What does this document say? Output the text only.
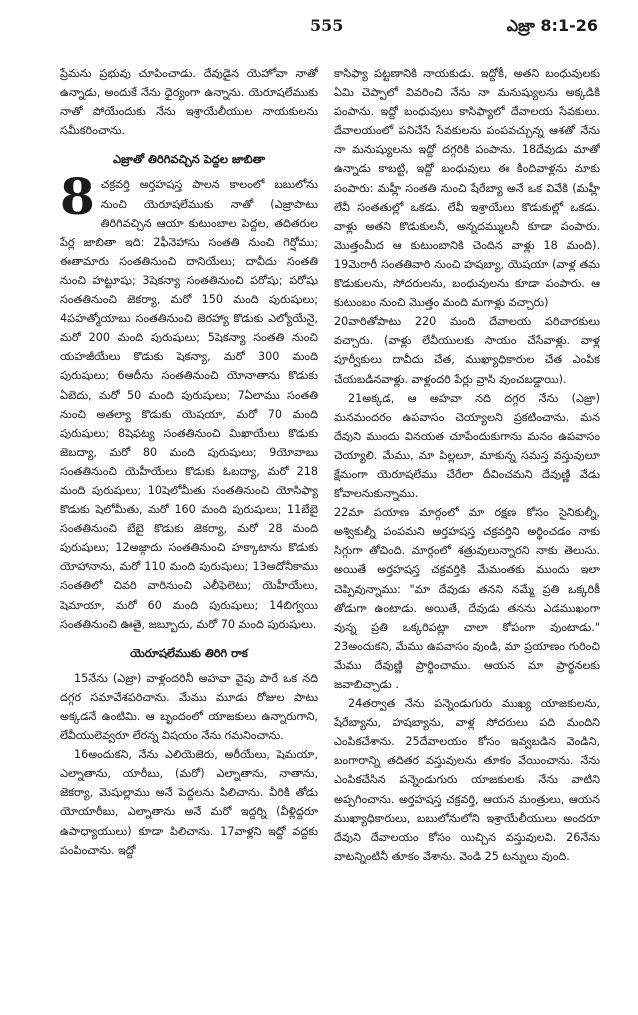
555	ఎజ్రా 8:1-26

ప్రేమను ప్రభువు చూపించాడు. దేవుడైన యెహోవా నాతో ఉన్నాడు, అందుకే నేను ధైర్యంగా ఉన్నాను. యెరూషలేముకు నాతో పోయేందుకు నేను ఇశ్రాయేలీయుల నాయకులను సమీకరించాను.

ఎజ్రాతో తిరిగివచ్చిన పెద్దల జాబితా

8 చక్రవర్తి అర్తహషస్త పాలన కాలంలో బబులోను నుంచి యెరూషలేముకు నాతో (ఎజ్రాపాటు తిరిగివచ్చిన ఆయా కుటుంబాల పెద్దల, తదితరుల పేర్ల జాబితా ఇది: 2ఫీనెహాసు సంతతి నుంచి గెర్షోము; ఈతామారు సంతతినుంచి దానియేలు; దావీదు సంతతి నుంచి హట్టూషు; 3షెకన్యా సంతతినుంచి పరోషు; పరోషు సంతతినుంచి జెకర్యా, మరో 150 మంది పురుషులు; 4పహత్మోయాబు సంతతినుంచి జెరహ్యా కొడుకు ఎల్యోయేనై, మరో 200 మంది పురుషులు; 5షెకన్యా సంతతి నుంచి యహజీయేలు కొడుకు షెకన్యా, మరో 300 మంది పురుషులు; 6ఆదీను సంతతినుంచి యోనాతాను కొడుకు ఏబెదు, మరో 50 మంది పురుషులు; 7ఏలాము సంతతి నుంచి అతల్యా కొడుకు యెషయా, మరో 70 మంది పురుషులు; 8షెఫట్య సంతతినుంచి మిఖాయేలు కొడుకు జెబద్యా, మరో 80 మంది పురుషులు; 9యోవాబు సంతతినుంచి యెహీయేలు కొడుకు ఓబద్యా, మరో 218 మంది పురుషులు; 10షెలోమీతు సంతతినుంచి యోసిఫ్యా కొడుకు షెలోమీతు, మరో 160 మంది పురుషులు; 11బేబై సంతతినుంచి బేబై కొడుకు జెకర్యా, మరో 28 మంది పురుషులు; 12అజ్గాదు సంతతినుంచి హక్కాటాను కొడుకు యోహానాను, మరో 110 మంది పురుషులు; 13అదోనీకాము సంతతిలో చివరి వారినుంచి ఎలీఫెలెటు; యెహీయేలు, షెమాయా, మరో 60 మంది పురుషులు; 14బిగ్వయి సంతతినుంచి ఊతై, జబ్బూదు, మరో 70 మంది పురుషులు.

యెరూషలేముకు తిరిగి రాక

15నేను (ఎజ్రా) వాళ్లందరినీ అహవా వైపు పారే ఒక నది దగ్గర సమావేశపరిచాను. మేము మూడు రోజుల పాటు అక్కడనే ఉంటిమి. ఆ బృందంలో యాజకులు ఉన్నారుగాని, లేవీయులెవ్వరూ లేరన్న విషయం నేను గమనించాను.

16అందుకని, నేను ఎలియెజెరు, అరీయేలు, షెమయా, ఎల్నాతాను, యారీబు, (మరో) ఎల్నాతాను, నాతాను, జెకర్యా, మెషుల్లాము అనే పెద్దలను పిలిచాను. వీరికి తోడు యోయారీబు, ఎల్నాతాను అనే మరో ఇద్దర్ని (వీళ్లిద్దరూ ఉపాధ్యాయులు) కూడా పిలిచాను. 17వాళ్లని ఇద్దో వద్దకు పంపించాను. ఇద్దో

కాసిఫ్యా పట్టణానికి నాయకుడు. ఇద్దోకీ, అతని బంధువులకు ఏమి చెప్పాలో వివరించి నేను నా మనుష్యులను అక్కడికి పంపాను. ఇద్దో బంధువులు కాసిఫ్యాలో దేవాలయ సేవకులు. దేవాలయంలో పనిచేసే సేవకులను పంపవచ్చున్న ఆశతో నేను నా మనుష్యులను ఇద్దో దగ్గరికి పంపాను. 18దేవుడు మాతో ఉన్నాడు కాబట్టి, ఇద్దో బంధువులు ఈ కిందివాళ్లను మాకు పంపారు: మహ్లీ సంతతి నుంచి షేరేబ్యా అనే ఒక వివేకి (మహ్లీ లేవీ సంతతుల్లో ఒకడు. లేవీ ఇశ్రాయేలు కొడుకుల్లో ఒకడు. వాళ్లు అతని కొడుకులనీ, అన్నదమ్ములనీ కూడా పంపారు. మొత్తంమీద ఆ కుటుంబానికి చెందిన వాళ్లు 18 మంది). 19మెరారీ సంతతివారి నుంచి హషబ్యా, యెషయా (వాళ్ల తమ కొడుకులను, సోదరులను, బంధువులను కూడా పంపారు. ఆ కుటుంబం నుంచి మొత్తం మంది మగాళ్లు వచ్చారు)

20వారితోపాటు 220 మంది దేవాలయ పరిచారకులు వచ్చారు. (వాళ్లు లేవీయులకు సాయం చేసేవాళ్లు. వాళ్ల పూర్వీకులు దావీదు చేత, ముఖ్యాధికారుల చేత ఎంపిక చేయబడినవాళ్లు. వాళ్లందరి పేర్లు వ్రాసి వుంచబడ్డాయి).

21అక్కడ, ఆ అహవా నది దగ్గర నేను (ఎజ్రా) మనమందరం ఉపవాసం చెయ్యాలని ప్రకటించాను. మన దేవుని ముందు వినయత చూపేందుకుగాను మనం ఉపవాసం చెయ్యాలి. మేము, మా పిల్లలూ, మాకున్న సమస్త వస్తువులూ క్షేమంగా యెరూషలేము చేరేలా దీవించమని దేవుణ్ణి వేడు కోవాలనుకున్నాము.

22మా పయాణ మార్గంలో మా రక్షణ కోసం సైనికుల్నీ, అశ్వికుల్నీ పంపమని అర్తహషస్త చక్రవర్తిని అర్థించడం నాకు సిగ్గుగా తోచింది. మార్గంలో శత్రువులున్నారని నాకు తెలుసు. అయితే అర్తహషస్త చక్రవర్తికి మేమంతకు ముందు ఇలా చెప్పివున్నాము: "మా దేవుడు తనని నమ్మే ప్రతి ఒక్కరికీ తోడుగా ఉంటాడు. అయితే, దేవుడు తనను ఎడముఖంగా వున్న ప్రతి ఒక్కరిపట్లా చాలా కోపంగా వుంటాడు." 23అందుకని, మేము ఉపవాసం వుండి, మా ప్రయాణం గురించి మేము దేవుణ్ణి ప్రార్థించాము. ఆయన మా ప్రార్థనలకు జవాబిచ్చాడు .

24తర్వాత నేను పన్నెండుగురు ముఖ్య యాజకులను, షేరేబ్యాను, హషబ్యాను, వాళ్ల సోదరులు పది మందిని ఎంపికచేశాను. 25దేవాలయం కోసం ఇవ్వబడిన వెండిని, బంగారాన్ని తదితర వస్తువులను తూకం వేయించాను. నేను ఎంపికచేసిన పన్నెండుగురు యాజకులకు నేను వాటిని అప్పగించాను. అర్తహషస్త చక్రవర్తి, ఆయన మంత్రులు, ఆయన ముఖ్యాధికారులు, బబులోనులోని ఇశ్రాయేలీయులు అందరూ దేవుని దేవాలయం కోసం యిచ్చిన వస్తువులవి. 26నేను వాటన్నింటినీ తూకం వేశాను. వెండి 25 టన్నులు వుంది.
